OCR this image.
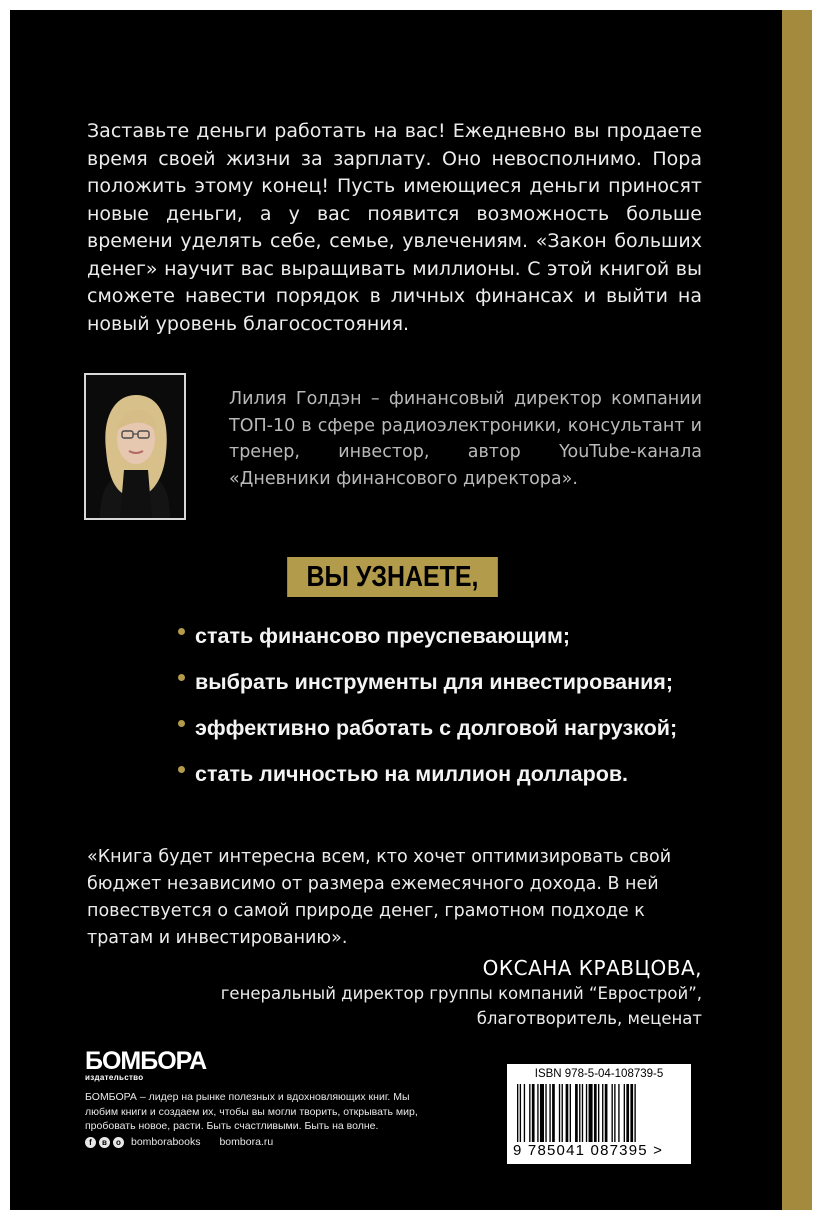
Заставьте деньги работать на вас! Ежедневно вы продаете время своей жизни за зарплату. Оно невосполнимо. Пора положить этому конец! Пусть имеющиеся деньги приносят новые деньги, а у вас появится возможность больше времени уделять себе, семье, увлечениям. «Закон больших денег» научит вас выращивать миллионы. С этой книгой вы сможете навести порядок в личных финансах и выйти на новый уровень благосостояния.
Лилия Голдэн – финансовый директор компании ТОП-10 в сфере радиоэлектроники, консультант и тренер, инвестор, автор YouTube-канала «Дневники финансового директора».
ВЫ УЗНАЕТЕ, КАК:
стать финансово преуспевающим;
выбрать инструменты для инвестирования;
эффективно работать с долговой нагрузкой;
стать личностью на миллион долларов.
«Книга будет интересна всем, кто хочет оптимизировать свой бюджет независимо от размера ежемесячного дохода. В ней повествуется о самой природе денег, грамотном подходе к тратам и инвестированию».
ОКСАНА КРАВЦОВА,
генеральный директор группы компаний “Еврострой”, благотворитель, меценат
БОМБОРА
издательство
БОМБОРА – лидер на рынке полезных и вдохновляющих книг. Мы любим книги и создаем их, чтобы вы могли творить, открывать мир, пробовать новое, расти. Быть счастливыми. Быть на волне.
f	в	о bomborabooks bombora.ru
ISBN 978-5-04-108739-5
9 785041 087395 >
